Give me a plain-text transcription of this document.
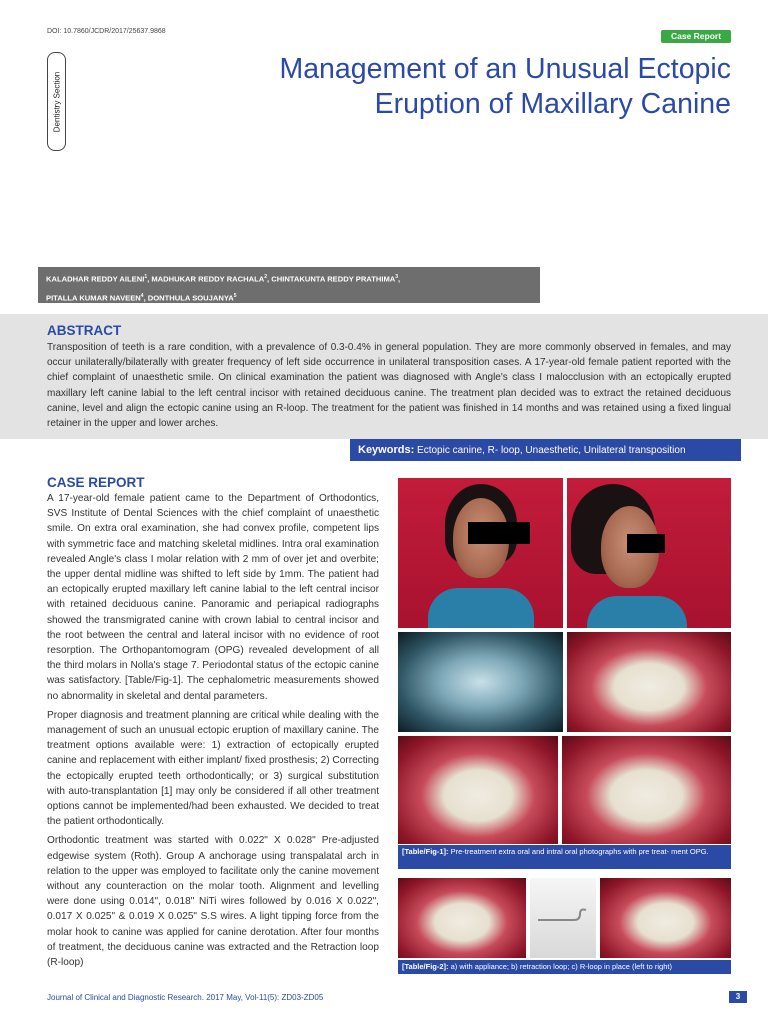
DOI: 10.7860/JCDR/2017/25637.9868	Case Report
Dentistry Section
Management of an Unusual Ectopic
Eruption of Maxillary Canine
KALADHAR REDDY AILENI$^1$, MADHUKAR REDDY RACHALA$^2$, CHINTAKUNTA REDDY PRATHIMA$^3$,
PITALLA KUMAR NAVEEN$^4$, DONTHULA SOUJANYA$^5$
ABSTRACT
Transposition of teeth is a rare condition, with a prevalence of 0.3-0.4% in general population. They are more commonly observed in females, and may occur unilaterally/bilaterally with greater frequency of left side occurrence in unilateral transposition cases. A 17-year-old female patient reported with the chief complaint of unaesthetic smile. On clinical examination the patient was diagnosed with Angle's class I malocclusion with an ectopically erupted maxillary left canine labial to the left central incisor with retained deciduous canine. The treatment plan decided was to extract the retained deciduous canine, level and align the ectopic canine using an R-loop. The treatment for the patient was finished in 14 months and was retained using a fixed lingual retainer in the upper and lower arches.
Keywords: Ectopic canine, R- loop, Unaesthetic, Unilateral transposition
CASE REPORT

A 17-year-old female patient came to the Department of Orthodontics, SVS Institute of Dental Sciences with the chief complaint of unaesthetic smile. On extra oral examination, she had convex profile, competent lips with symmetric face and matching skeletal midlines. Intra oral examination revealed Angle's class I molar relation with 2 mm of over jet and overbite; the upper dental midline was shifted to left side by 1mm. The patient had an ectopically erupted maxillary left canine labial to the left central incisor with retained deciduous canine. Panoramic and periapical radiographs showed the transmigrated canine with crown labial to central incisor and the root between the central and lateral incisor with no evidence of root resorption. The Orthopantomogram (OPG) revealed development of all the third molars in Nolla's stage 7. Periodontal status of the ectopic canine was satisfactory. [Table/Fig-1]. The cephalometric measurements showed no abnormality in skeletal and dental parameters.

Proper diagnosis and treatment planning are critical while dealing with the management of such an unusual ectopic eruption of maxillary canine. The treatment options available were: 1) extraction of ectopically erupted canine and replacement with either implant/ fixed prosthesis; 2) Correcting the ectopically erupted teeth orthodontically; or 3) surgical substitution with auto-transplantation [1] may only be considered if all other treatment options cannot be implemented/had been exhausted. We decided to treat the patient orthodontically.

Orthodontic treatment was started with 0.022" X 0.028" Pre-adjusted edgewise system (Roth). Group A anchorage using transpalatal arch in relation to the upper was employed to facilitate only the canine movement without any counteraction on the molar tooth. Alignment and levelling were done using 0.014", 0.018" NiTi wires followed by 0.016 X 0.022", 0.017 X 0.025" & 0.019 X 0.025" S.S wires. A light tipping force from the molar hook to canine was applied for canine derotation. After four months of treatment, the deciduous canine was extracted and the Retraction loop (R-loop)

[Table/Fig-1]: Pre-treatment extra oral and intral oral photographs with pre treat- ment OPG.
[Table/Fig-2]: a) with appliance; b) retraction loop; c) R-loop in place (left to right)
Journal of Clinical and Diagnostic Research. 2017 May, Vol-11(5): ZD03-ZD05	3
